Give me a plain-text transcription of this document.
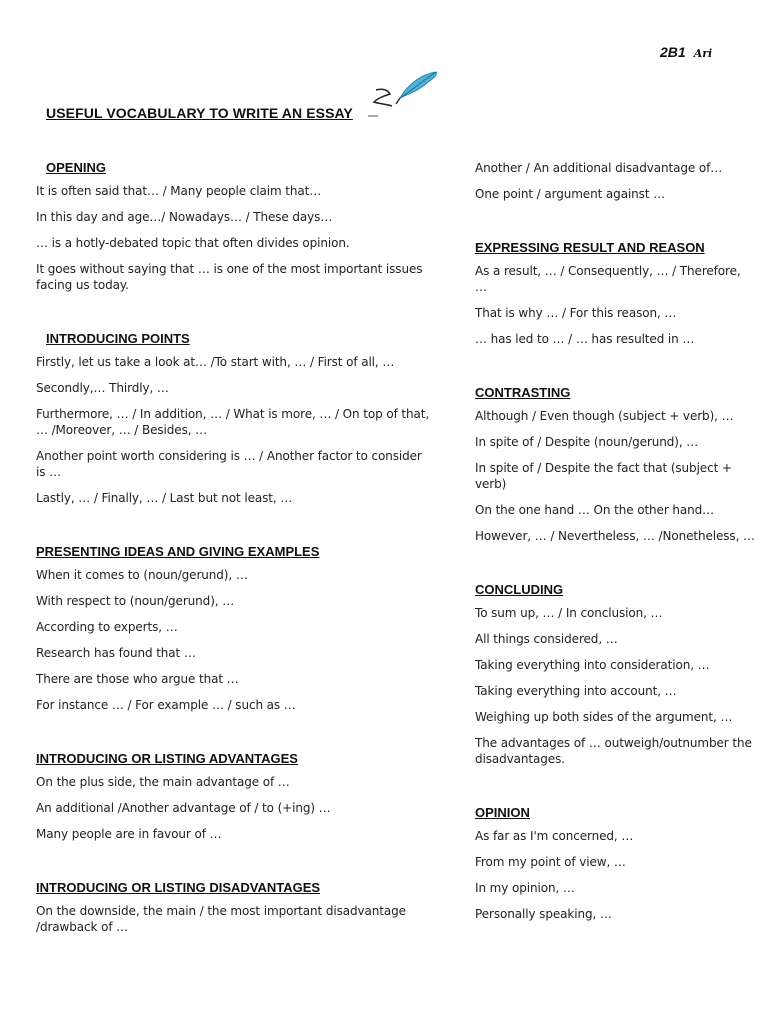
2B1 Ari
USEFUL VOCABULARY TO WRITE AN ESSAY
OPENING

It is often said that… / Many people claim that…

In this day and age…/ Nowadays… / These days…

… is a hotly-debated topic that often divides opinion.

It goes without saying that … is one of the most important issues facing us today.

INTRODUCING POINTS

Firstly, let us take a look at… /To start with, … / First of all, …

Secondly,… Thirdly, …

Furthermore, … / In addition, … / What is more, … / On top of that, … /Moreover, … / Besides, …

Another point worth considering is … / Another factor to consider is …

Lastly, … / Finally, … / Last but not least, …

PRESENTING IDEAS AND GIVING EXAMPLES

When it comes to (noun/gerund), …

With respect to (noun/gerund), …

According to experts, …

Research has found that …

There are those who argue that …

For instance … / For example … / such as …

INTRODUCING OR LISTING ADVANTAGES

On the plus side, the main advantage of …

An additional /Another advantage of / to (+ing) …

Many people are in favour of …

INTRODUCING OR LISTING DISADVANTAGES

On the downside, the main / the most important disadvantage /drawback of …

Another / An additional disadvantage of…

One point / argument against …

EXPRESSING RESULT AND REASON

As a result, … / Consequently, … / Therefore, …

That is why … / For this reason, …

… has led to … / … has resulted in …

CONTRASTING

Although / Even though (subject + verb), …

In spite of / Despite (noun/gerund), …

In spite of / Despite the fact that (subject + verb)

On the one hand … On the other hand…

However, … / Nevertheless, … /Nonetheless, …

CONCLUDING

To sum up, … / In conclusion, …

All things considered, …

Taking everything into consideration, …

Taking everything into account, …

Weighing up both sides of the argument, …

The advantages of … outweigh/outnumber the disadvantages.

OPINION

As far as I'm concerned, …

From my point of view, …

In my opinion, …

Personally speaking, …
